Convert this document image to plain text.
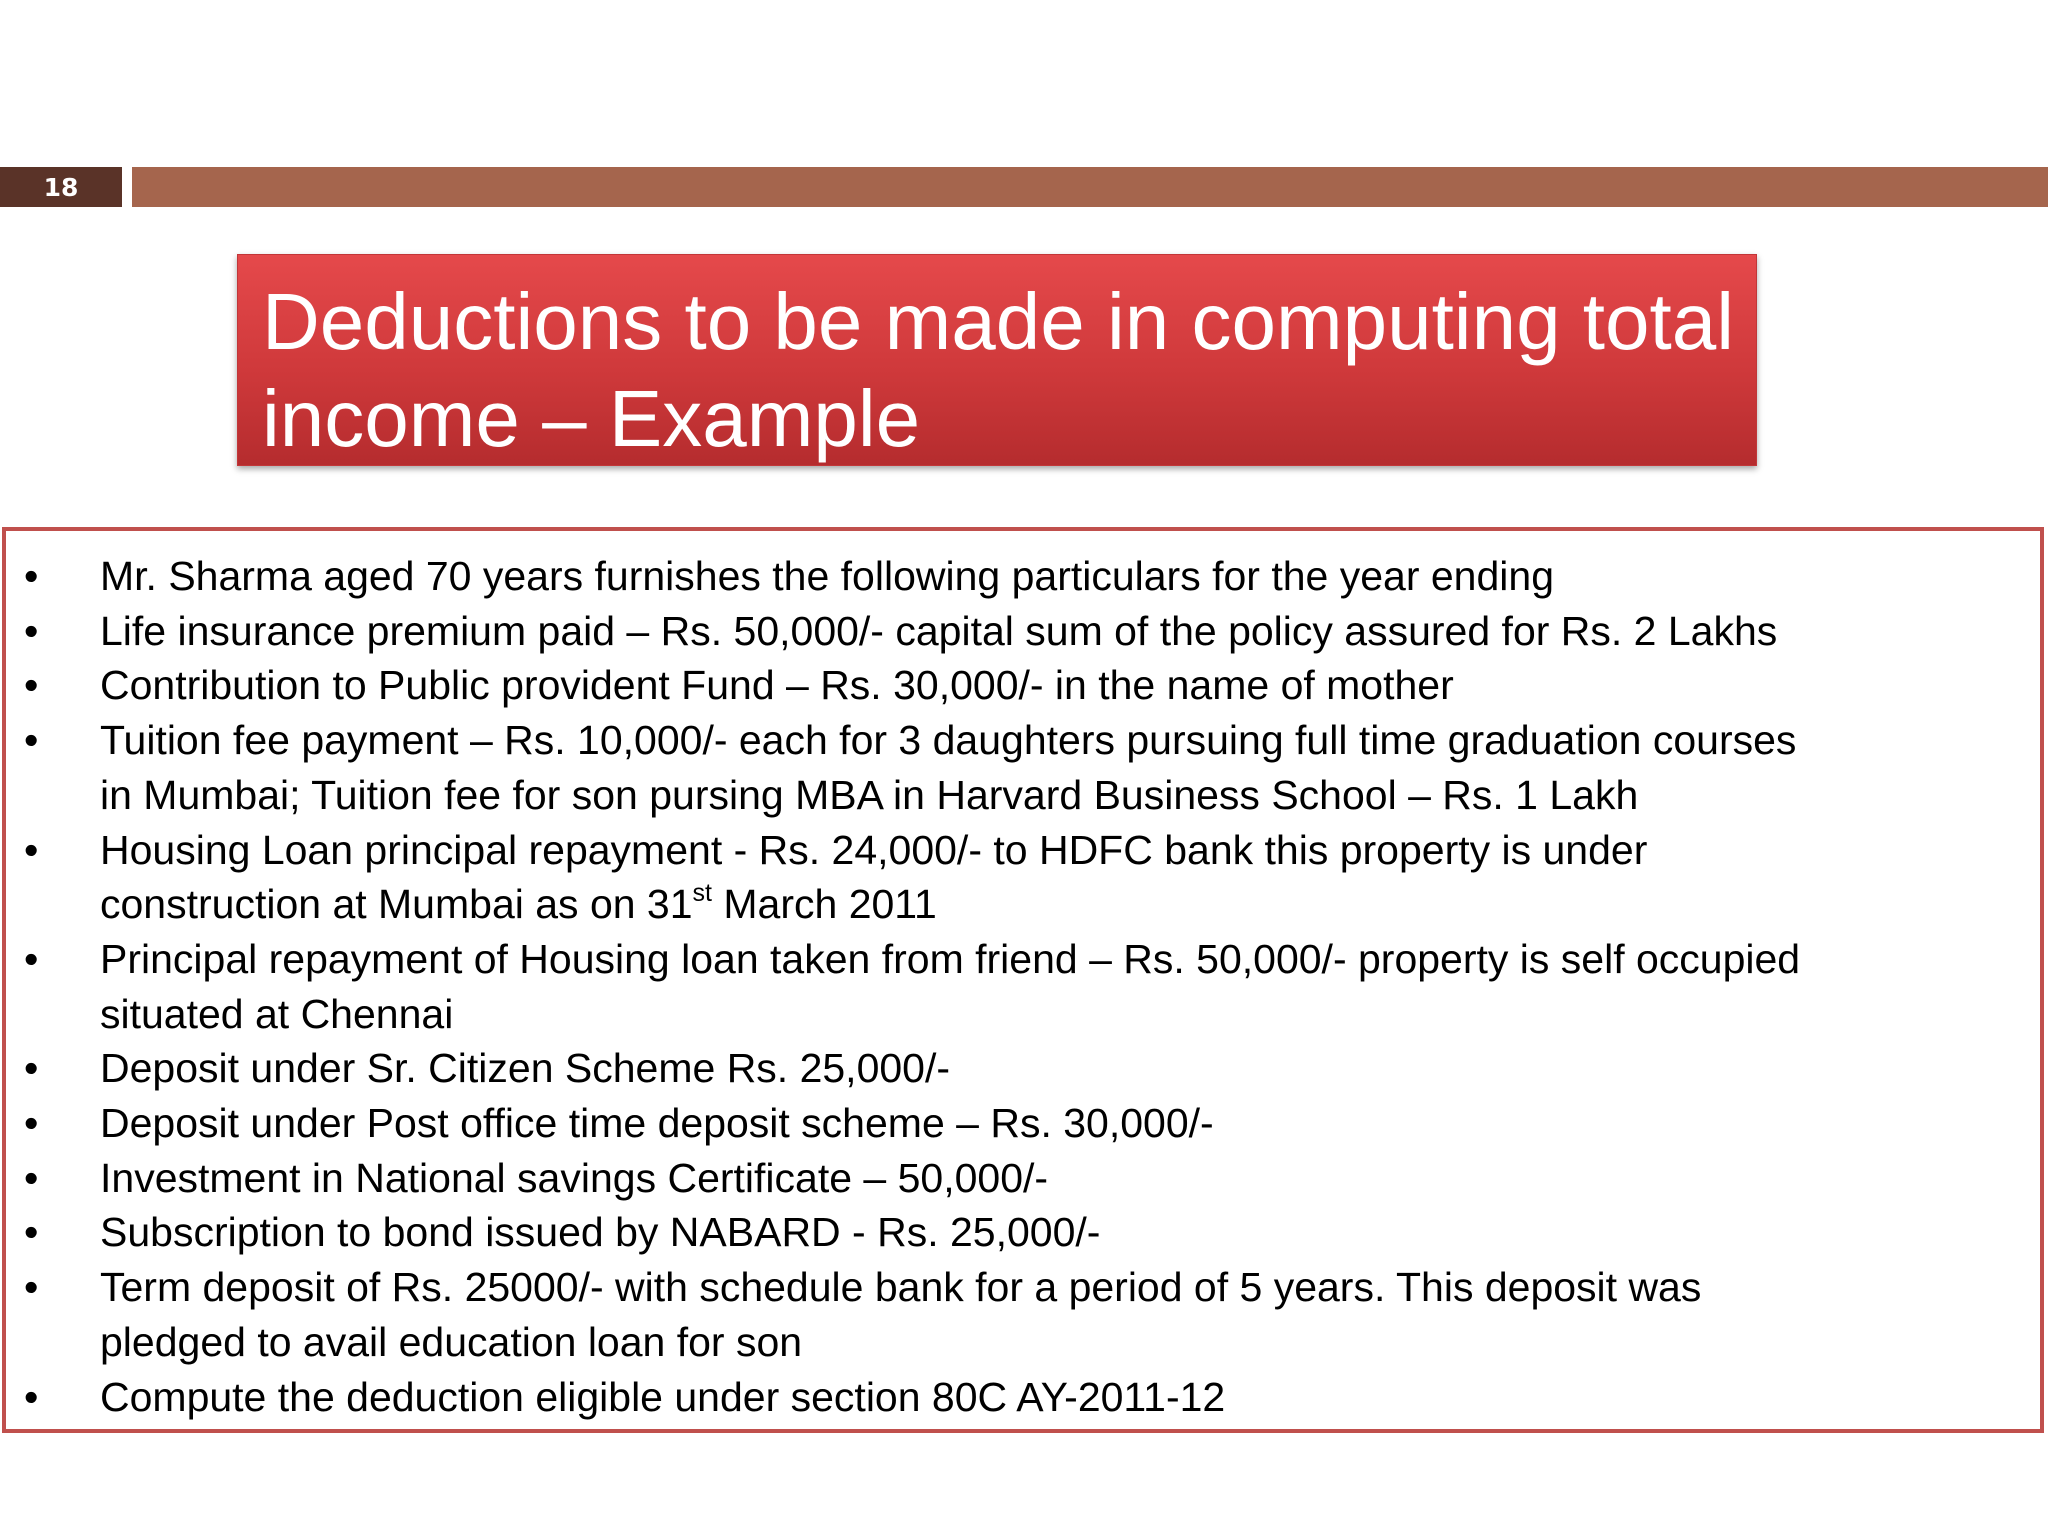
18
Deductions to be made in computing total
income – Example
• Mr. Sharma aged 70 years furnishes the following particulars for the year ending
• Life insurance premium paid – Rs. 50,000/- capital sum of the policy assured for Rs. 2 Lakhs
• Contribution to Public provident Fund – Rs. 30,000/- in the name of mother
• Tuition fee payment – Rs. 10,000/- each for 3 daughters pursuing full time graduation courses
in Mumbai; Tuition fee for son pursing MBA in Harvard Business School – Rs. 1 Lakh
• Housing Loan principal repayment - Rs. 24,000/- to HDFC bank this property is under
construction at Mumbai as on 31st March 2011
• Principal repayment of Housing loan taken from friend – Rs. 50,000/- property is self occupied
situated at Chennai
• Deposit under Sr. Citizen Scheme Rs. 25,000/-
• Deposit under Post office time deposit scheme – Rs. 30,000/-
• Investment in National savings Certificate – 50,000/-
• Subscription to bond issued by NABARD - Rs. 25,000/-
• Term deposit of Rs. 25000/- with schedule bank for a period of 5 years. This deposit was
pledged to avail education loan for son
• Compute the deduction eligible under section 80C AY-2011-12
